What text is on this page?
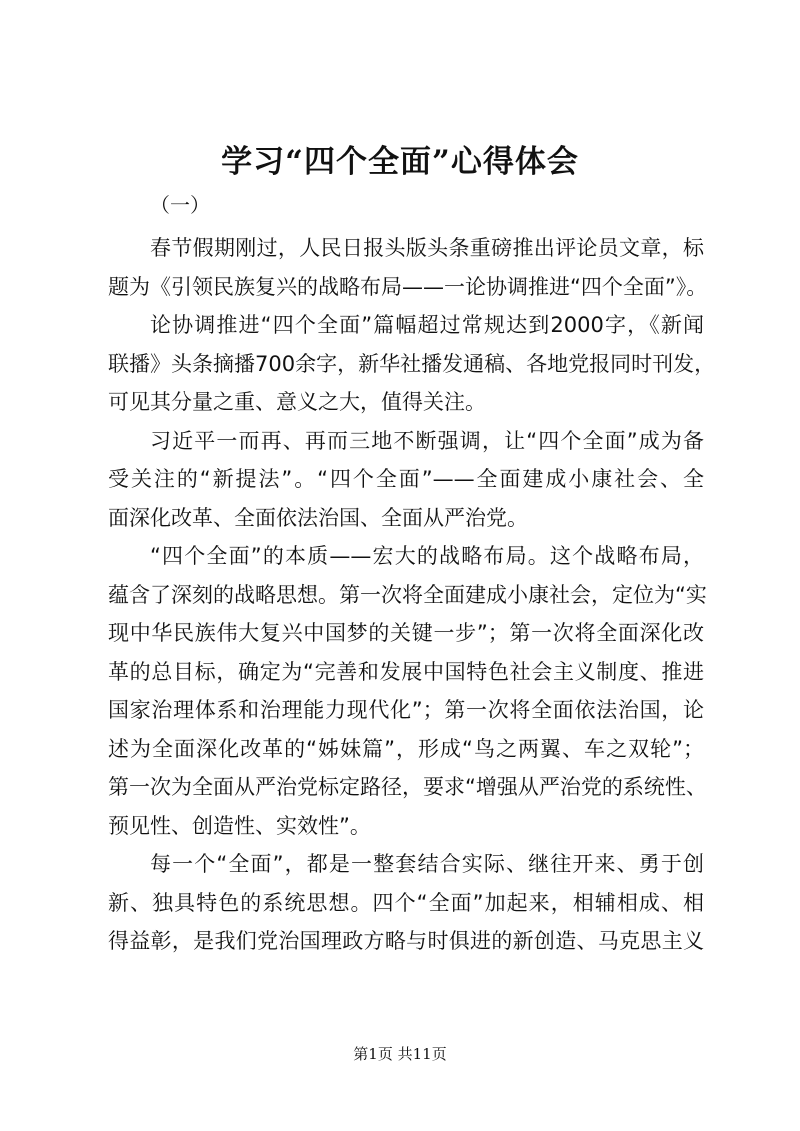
学习“四个全面”心得体会
（一）

春节假期刚过，人民日报头版头条重磅推出评论员文章，标
题为《引领民族复兴的战略布局——一论协调推进“四个全面”》。

论协调推进“四个全面”篇幅超过常规达到2000字，《新闻
联播》头条摘播700余字，新华社播发通稿、各地党报同时刊发，
可见其分量之重、意义之大，值得关注。

习近平一而再、再而三地不断强调，让“四个全面”成为备
受关注的“新提法”。“四个全面”——全面建成小康社会、全
面深化改革、全面依法治国、全面从严治党。

“四个全面”的本质——宏大的战略布局。这个战略布局，
蕴含了深刻的战略思想。第一次将全面建成小康社会，定位为“实
现中华民族伟大复兴中国梦的关键一步”；第一次将全面深化改
革的总目标，确定为“完善和发展中国特色社会主义制度、推进
国家治理体系和治理能力现代化”；第一次将全面依法治国，论
述为全面深化改革的“姊妹篇”，形成“鸟之两翼、车之双轮”；
第一次为全面从严治党标定路径，要求“增强从严治党的系统性、
预见性、创造性、实效性”。

每一个“全面”，都是一整套结合实际、继往开来、勇于创
新、独具特色的系统思想。四个“全面”加起来，相辅相成、相
得益彰，是我们党治国理政方略与时俱进的新创造、马克思主义

第1页 共11页
